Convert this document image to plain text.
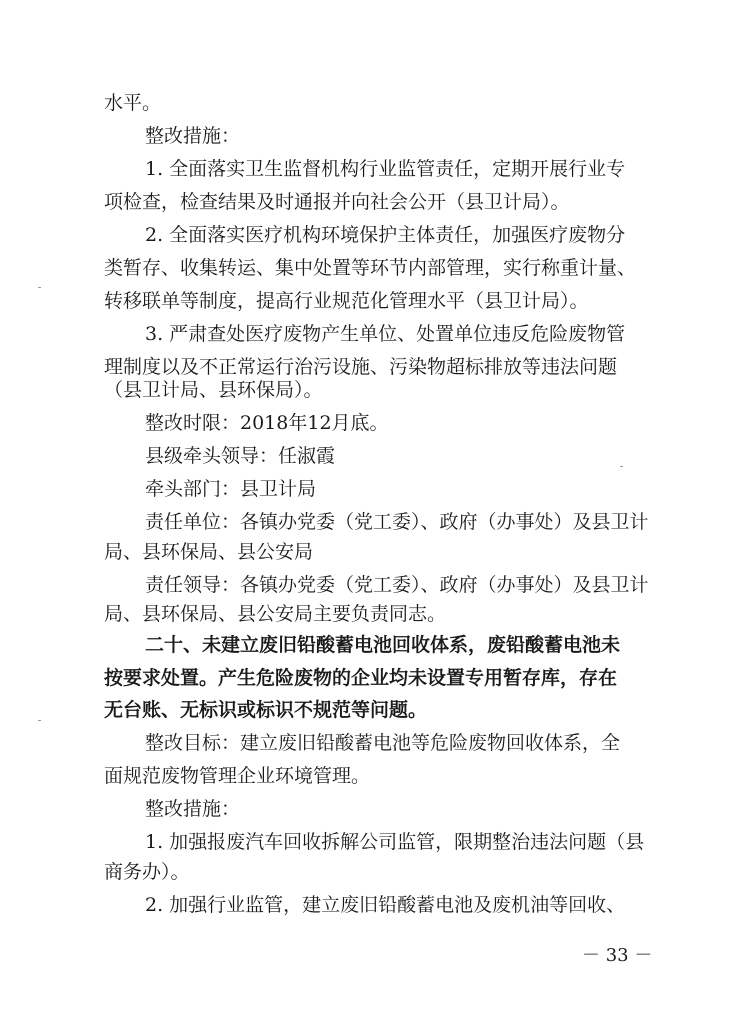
水平。
整改措施：
1. 全面落实卫生监督机构行业监管责任，定期开展行业专
项检查，检查结果及时通报并向社会公开（县卫计局）。
2. 全面落实医疗机构环境保护主体责任，加强医疗废物分
类暂存、收集转运、集中处置等环节内部管理，实行称重计量、
转移联单等制度，提高行业规范化管理水平（县卫计局）。
3. 严肃查处医疗废物产生单位、处置单位违反危险废物管
理制度以及不正常运行治污设施、污染物超标排放等违法问题
（县卫计局、县环保局）。
整改时限：2018年12月底。
县级牵头领导：任淑霞
牵头部门：县卫计局
责任单位：各镇办党委（党工委）、政府（办事处）及县卫计
局、县环保局、县公安局
责任领导：各镇办党委（党工委）、政府（办事处）及县卫计
局、县环保局、县公安局主要负责同志。
二十、未建立废旧铅酸蓄电池回收体系，废铅酸蓄电池未
按要求处置。产生危险废物的企业均未设置专用暂存库，存在
无台账、无标识或标识不规范等问题。
整改目标：建立废旧铅酸蓄电池等危险废物回收体系，全
面规范废物管理企业环境管理。
整改措施：
1. 加强报废汽车回收拆解公司监管，限期整治违法问题（县
商务办）。
2. 加强行业监管，建立废旧铅酸蓄电池及废机油等回收、
－ 33 －
